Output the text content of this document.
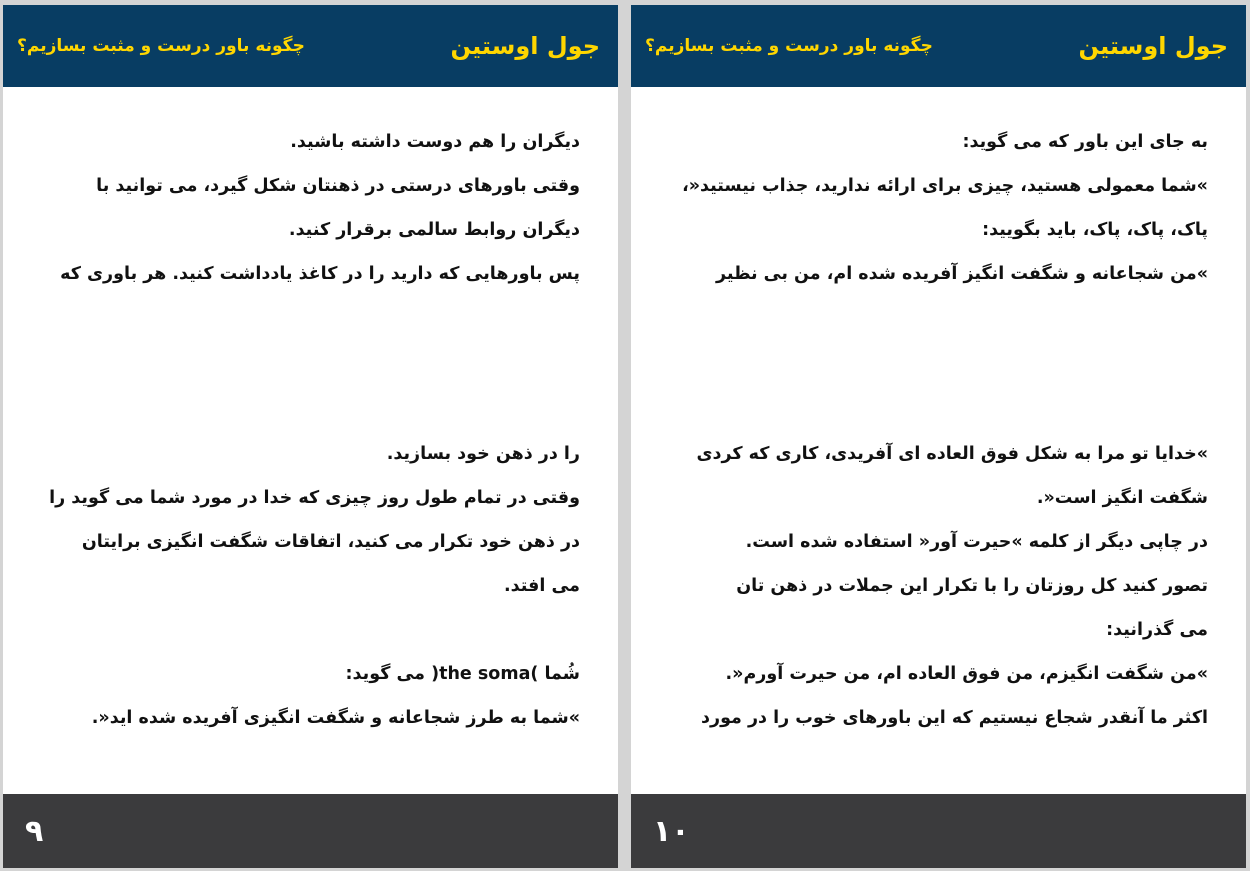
جول اوستین
چگونه باور درست و مثبت بسازیم؟

دیگران را هم دوست داشته باشید.

وقتی باورهای درستی در ذهنتان شکل گیرد، می توانید با

دیگران روابط سالمی برقرار کنید.

پس باورهایی که دارید را در کاغذ یادداشت کنید. هر باوری که

را در ذهن خود بسازید.

وقتی در تمام طول روز چیزی که خدا در مورد شما می گوید را

در ذهن خود تکرار می کنید، اتفاقات شگفت انگیزی برایتان

می افتد.

شُما )the soma( می گوید:

»شما به طرز شجاعانه و شگفت انگیزی آفریده شده اید«.

۹
جول اوستین
چگونه باور درست و مثبت بسازیم؟

به جای این باور که می گوید:

»شما معمولی هستید، چیزی برای ارائه ندارید، جذاب نیستید«،

پاک، پاک، پاک، باید بگویید:

»من شجاعانه و شگفت انگیز آفریده شده ام، من بی نظیر

»خدایا تو مرا به شکل فوق العاده ای آفریدی، کاری که کردی

شگفت انگیز است«.

در چاپی دیگر از کلمه »حیرت آور« استفاده شده است.

تصور کنید کل روزتان را با تکرار این جملات در ذهن تان

می گذرانید:

»من شگفت انگیزم، من فوق العاده ام، من حیرت آورم«.

اکثر ما آنقدر شجاع نیستیم که این باورهای خوب را در مورد

۱۰
